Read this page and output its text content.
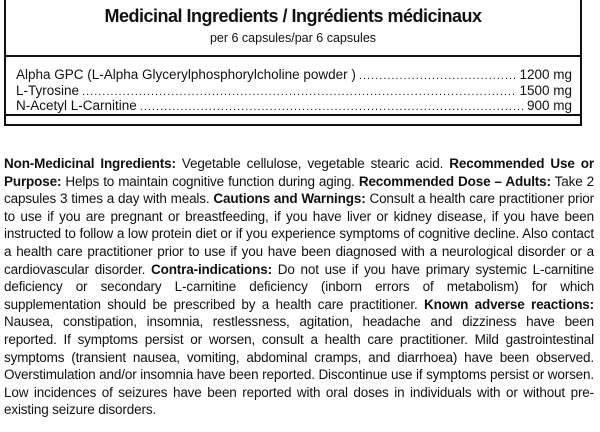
Medicinal Ingredients / Ingrédients médicinaux
per 6 capsules/par 6 capsules
Alpha GPC (L-Alpha Glycerylphosphorylcholine powder ) .....	1200 mg
L-Tyrosine .....	1500 mg
N-Acetyl L-Carnitine .....	900 mg
Non-Medicinal Ingredients: Vegetable cellulose, vegetable stearic acid. Recommended Use or Purpose: Helps to maintain cognitive function during aging. Recommended Dose – Adults: Take 2 capsules 3 times a day with meals. Cautions and Warnings: Consult a health care practitioner prior to use if you are pregnant or breastfeeding, if you have liver or kidney disease, if you have been instructed to follow a low protein diet or if you experience symptoms of cognitive decline. Also contact a health care practitioner prior to use if you have been diagnosed with a neurological disorder or a cardiovascular disorder. Contra-indications: Do not use if you have primary systemic L-carnitine deficiency or secondary L-carnitine deficiency (inborn errors of metabolism) for which supplementation should be prescribed by a health care practitioner. Known adverse reactions: Nausea, constipation, insomnia, restlessness, agitation, headache and dizziness have been reported. If symptoms persist or worsen, consult a health care practitioner. Mild gastrointestinal symptoms (transient nausea, vomiting, abdominal cramps, and diarrhoea) have been observed. Overstimulation and/or insomnia have been reported. Discontinue use if symptoms persist or worsen. Low incidences of seizures have been reported with oral doses in individuals with or without pre-existing seizure disorders.
